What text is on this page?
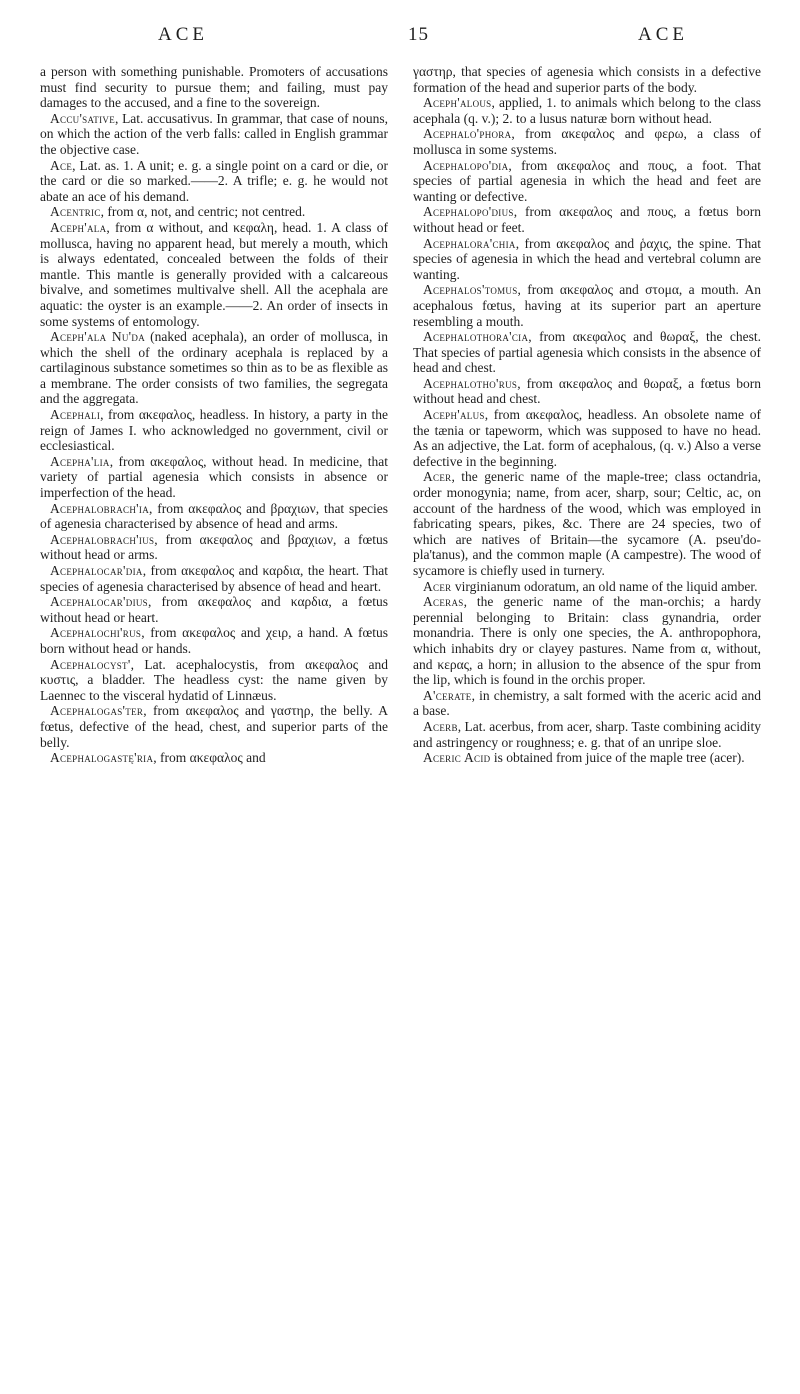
ACE	15	ACE

a person with something punishable. Promoters of accusations must find security to pursue them; and failing, must pay damages to the accused, and a fine to the sovereign.

Accu'sative, Lat. accusativus. In grammar, that case of nouns, on which the action of the verb falls: called in English grammar the objective case.

Ace, Lat. as. 1. A unit; e. g. a single point on a card or die, or the card or die so marked.——2. A trifle; e. g. he would not abate an ace of his demand.

Acentric, from α, not, and centric; not centred.

Aceph'ala, from α without, and κεφαλη, head. 1. A class of mollusca, having no apparent head, but merely a mouth, which is always edentated, concealed between the folds of their mantle. This mantle is generally provided with a calcareous bivalve, and sometimes multivalve shell. All the acephala are aquatic: the oyster is an example.——2. An order of insects in some systems of entomology.

Aceph'ala Nu'da (naked acephala), an order of mollusca, in which the shell of the ordinary acephala is replaced by a cartilaginous substance sometimes so thin as to be as flexible as a membrane. The order consists of two families, the segregata and the aggregata.

Acephali, from ακεφαλος, headless. In history, a party in the reign of James I. who acknowledged no government, civil or ecclesiastical.

Acepha'lia, from ακεφαλος, without head. In medicine, that variety of partial agenesia which consists in absence or imperfection of the head.

Acephalobrach'ia, from ακεφαλος and βραχιων, that species of agenesia characterised by absence of head and arms.

Acephalobrach'ius, from ακεφαλος and βραχιων, a fœtus without head or arms.

Acephalocar'dia, from ακεφαλος and καρδια, the heart. That species of agenesia characterised by absence of head and heart.

Acephalocar'dius, from ακεφαλος and καρδια, a fœtus without head or heart.

Acephalochi'rus, from ακεφαλος and χειρ, a hand. A fœtus born without head or hands.

Acephalocyst', Lat. acephalocystis, from ακεφαλος and κυστις, a bladder. The headless cyst: the name given by Laennec to the visceral hydatid of Linnæus.

Acephalogas'ter, from ακεφαλος and γαστηρ, the belly. A fœtus, defective of the head, chest, and superior parts of the belly.

Acephalogastę'ria, from ακεφαλος and

γαστηρ, that species of agenesia which consists in a defective formation of the head and superior parts of the body.

Aceph'alous, applied, 1. to animals which belong to the class acephala (q. v.); 2. to a lusus naturæ born without head.

Acephalo'phora, from ακεφαλος and φερω, a class of mollusca in some systems.

Acephalopo'dia, from ακεφαλος and πους, a foot. That species of partial agenesia in which the head and feet are wanting or defective.

Acephalopo'dius, from ακεφαλος and πους, a fœtus born without head or feet.

Acephalora'chia, from ακεφαλος and ῥαχις, the spine. That species of agenesia in which the head and vertebral column are wanting.

Acephalos'tomus, from ακεφαλος and στομα, a mouth. An acephalous fœtus, having at its superior part an aperture resembling a mouth.

Acephalothora'cia, from ακεφαλος and θωραξ, the chest. That species of partial agenesia which consists in the absence of head and chest.

Acephalotho'rus, from ακεφαλος and θωραξ, a fœtus born without head and chest.

Aceph'alus, from ακεφαλος, headless. An obsolete name of the tænia or tapeworm, which was supposed to have no head. As an adjective, the Lat. form of acephalous, (q. v.) Also a verse defective in the beginning.

Acer, the generic name of the maple-tree; class octandria, order monogynia; name, from acer, sharp, sour; Celtic, ac, on account of the hardness of the wood, which was employed in fabricating spears, pikes, &c. There are 24 species, two of which are natives of Britain—the sycamore (A. pseu'do-pla'tanus), and the common maple (A campestre). The wood of sycamore is chiefly used in turnery.

Acer virginianum odoratum, an old name of the liquid amber.

Aceras, the generic name of the man-orchis; a hardy perennial belonging to Britain: class gynandria, order monandria. There is only one species, the A. anthropophora, which inhabits dry or clayey pastures. Name from α, without, and κερας, a horn; in allusion to the absence of the spur from the lip, which is found in the orchis proper.

A'cerate, in chemistry, a salt formed with the aceric acid and a base.

Acerb, Lat. acerbus, from acer, sharp. Taste combining acidity and astringency or roughness; e. g. that of an unripe sloe.

Aceric Acid is obtained from juice of the maple tree (acer).
